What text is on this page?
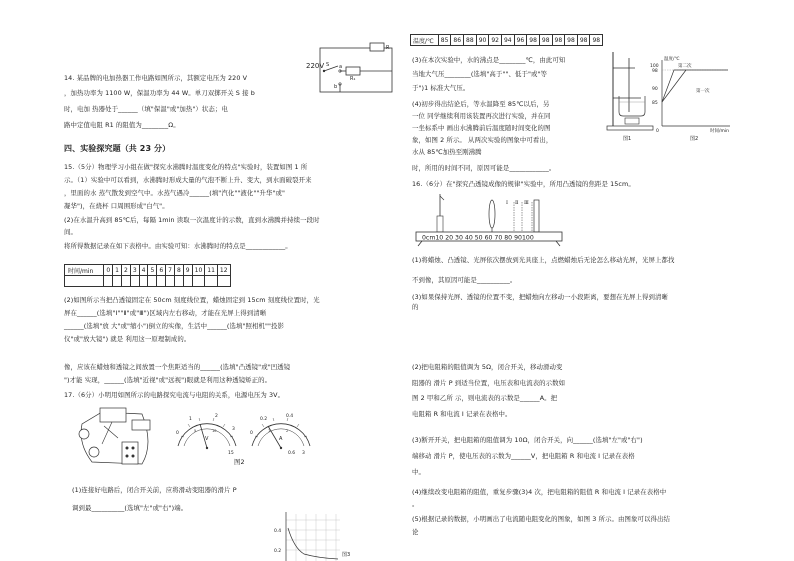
220V
R
R₁
a
b
S
14. 某品牌的电加热器工作电路如图所示，其额定电压为 220 V
，加热功率为 1100 W，保温功率为 44 W。单刀双掷开关 S 接 b
时，电加 热器处于______（填"保温"或"加热"）状态；电
路中定值电阻 R1 的阻值为________Ω。
四、实验探究题（共 23 分）
15.（5分）物理学习小组在做"探究水沸腾时温度变化的特点"实验时，装置如图 1 所
示。（1）实验中可以看到，水沸腾时形成大量的气泡不断上升、变大，到水面破裂开来
，里面的水 蒸气散发到空气中。水蒸气遇冷______(填"汽化""液化""升华"或"
凝华")，在烧杯 口周围形成"白气"。
(2)在水温升高到 85℃后，每隔 1min 读取一次温度计的示数，直到水沸腾并持续一段时
间。
将所得数据记录在如下表格中。由实验可知：水沸腾时的特点是____________。
时间/min	0	1	2	3	4	5	6	7	8	9	10	11	12

(2)如图所示当把凸透镜固定在 50cm 刻度线位置，蜡烛固定到 15cm 刻度线位置时，光
屏在______(选填"Ⅰ""Ⅱ"或"Ⅲ")区域内左右移动，才能在光屏上得到清晰
______(选填"放 大"或"缩小")倒立的实像，生活中______(选填"照相机""投影
仪"或"放大镜") 就是 利用这一原理制成的。
像，应该在蜡烛和透镜之间放置一个焦距适当的______(选填"凸透镜"或"凹透镜
")才能 实现，______(选填"近视"或"远视")眼就是利用这种透镜矫正的。
17.（6分）小明用如图所示的电路探究电流与电阻的关系，电源电压为 3V。
0
1
2
3
V
5	10
15
0
0.2
0.4
A
0.6
1	2
3
图2
(1)连接好电路后，闭合开关前，应将滑动变阻器的滑片 P
调到最__________(选填"左"或"右")端。
0.4
0.2
图3
温度/℃	85	86	88	90	92	94	96	98	98	98	98	98	98
(3)在本次实验中，水的沸点是________℃，由此可知
当地大气压________(选填"高于""、低于"或"等
于")1 标准大气压。
(4)初步得出结论后，等水温降至 85℃以后，另
一位 同学继续利用该装置再次进行实验，并在同
一坐标系中 画出水沸腾前后温度随时间变化的图
象，如图 2 所示。 从两次实验的图象中可看出，
水从 85℃加热至刚沸腾
时，所用的时间不同，原因可能是____________。
图1
温度/℃
100
98
90
85
0	时间/min
第二次
第一次
图2
16.（6分）在"探究凸透镜成像的规律"实验中，所用凸透镜的焦距是 15cm。
Ⅰ Ⅱ Ⅲ
0cm10 20 30 40 50 60 70 80 90100
(1)将蜡烛、凸透镜、光屏依次摆放到光具座上，点燃蜡烛后无论怎么移动光屏，光屏上都找
不到像，其原因可能是__________。
(3)如果保持光屏、透镜的位置不变，把蜡烛向左移动一小段距离，要想在光屏上得到清晰
的
(2)把电阻箱的阻值调为 5Ω，闭合开关，移动滑动变
阻器的 滑片 P 到适当位置，电压表和电流表的示数如
图 2 甲和乙所 示，则电流表的示数是______A。把
电阻箱 R 和电流 I 记录在表格中。
(3)断开开关，把电阻箱的阻值调为 10Ω，闭合开关，向______(选填"左"或"右")
端移动 滑片 P，使电压表的示数为______V，把电阻箱 R 和电流 I 记录在表格
中。
(4)继续改变电阻箱的阻值，重复步骤(3)4 次，把电阻箱的阻值 R 和电流 I 记录在表格中
。
(5)根据记录的数据，小明画出了电流随电阻变化的图象，如图 3 所示。由图象可以得出结
论
